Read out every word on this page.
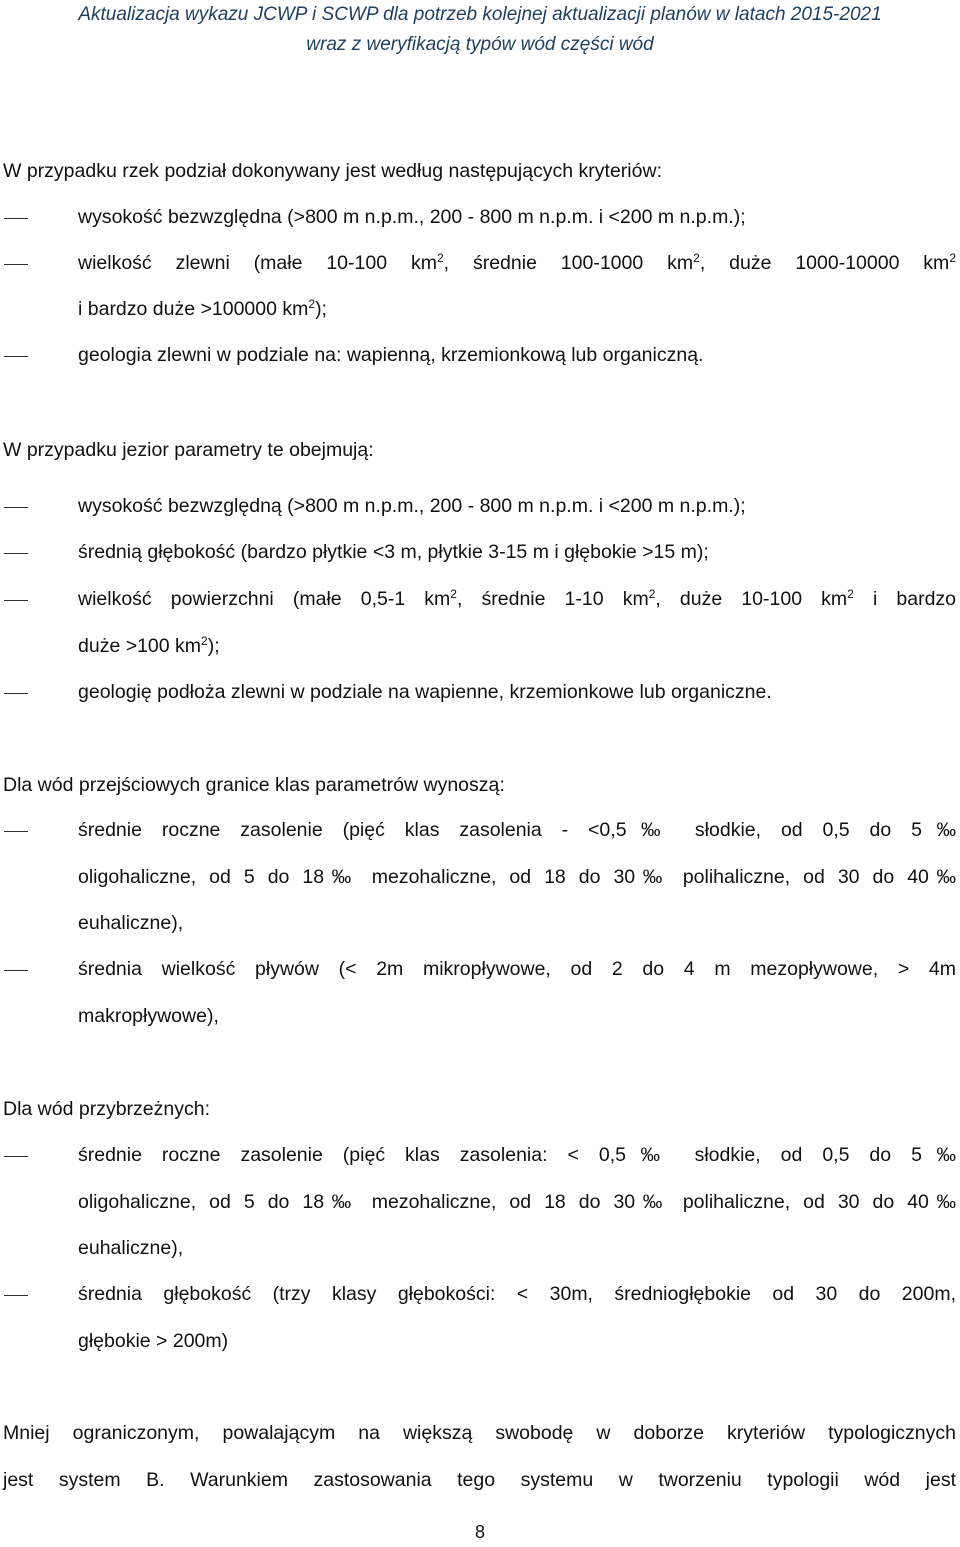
Aktualizacja wykazu JCWP i SCWP dla potrzeb kolejnej aktualizacji planów w latach 2015-2021
wraz z weryfikacją typów wód części wód
W przypadku rzek podział dokonywany jest według następujących kryteriów:
wysokość bezwzględna (>800 m n.p.m., 200 - 800 m n.p.m. i <200 m n.p.m.);
wielkość zlewni (małe 10-100 $km^2$, średnie 100-1000 $km^2$, duże 1000-10000 $km^2$
i bardzo duże >100000 $km^2$);
geologia zlewni w podziale na: wapienną, krzemionkową lub organiczną.
W przypadku jezior parametry te obejmują:
wysokość bezwzględną (>800 m n.p.m., 200 - 800 m n.p.m. i <200 m n.p.m.);
średnią głębokość (bardzo płytkie <3 m, płytkie 3-15 m i głębokie >15 m);
wielkość powierzchni (małe 0,5-1 $km^2$, średnie 1-10 $km^2$, duże 10-100 $km^2$ i bardzo
duże >100 $km^2$);
geologię podłoża zlewni w podziale na wapienne, krzemionkowe lub organiczne.
Dla wód przejściowych granice klas parametrów wynoszą:
średnie roczne zasolenie (pięć klas zasolenia - <0,5‰ słodkie, od 0,5 do 5‰
oligohaliczne, od 5 do 18‰ mezohaliczne, od 18 do 30‰ polihaliczne, od 30 do 40‰
euhaliczne),
średnia wielkość pływów (< 2m mikropływowe, od 2 do 4 m mezopływowe, > 4m
makropływowe),
Dla wód przybrzeżnych:
średnie roczne zasolenie (pięć klas zasolenia: < 0,5‰ słodkie, od 0,5 do 5‰
oligohaliczne, od 5 do 18‰ mezohaliczne, od 18 do 30‰ polihaliczne, od 30 do 40‰
euhaliczne),
średnia głębokość (trzy klasy głębokości: < 30m, średniogłębokie od 30 do 200m,
głębokie > 200m)
Mniej ograniczonym, powalającym na większą swobodę w doborze kryteriów typologicznych
jest system B. Warunkiem zastosowania tego systemu w tworzeniu typologii wód jest
8
